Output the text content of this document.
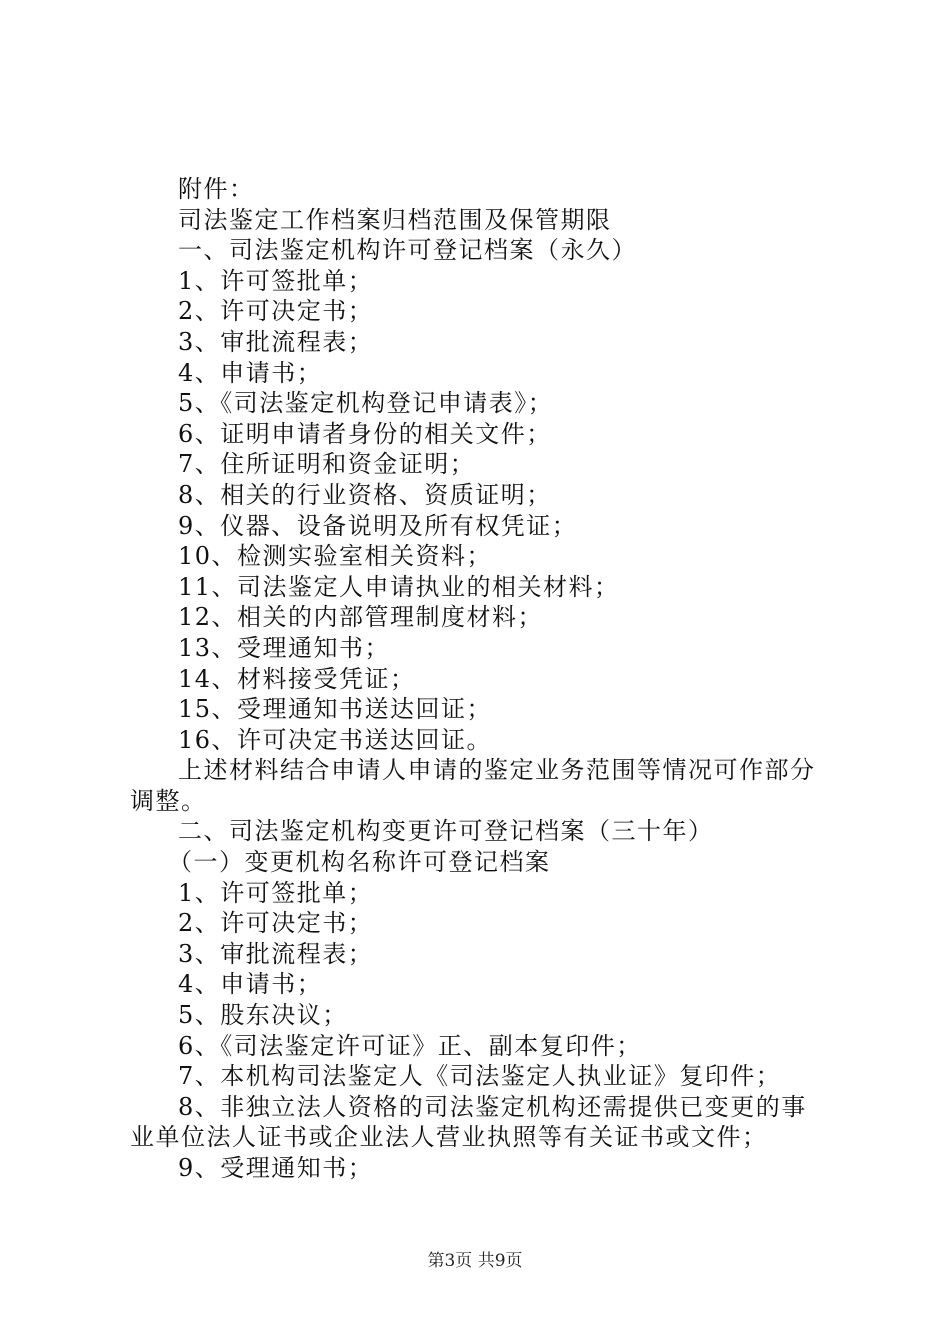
附件：
司法鉴定工作档案归档范围及保管期限
一、司法鉴定机构许可登记档案（永久）
1、许可签批单；
2、许可决定书；
3、审批流程表；
4、申请书；
5、《司法鉴定机构登记申请表》；
6、证明申请者身份的相关文件；
7、住所证明和资金证明；
8、相关的行业资格、资质证明；
9、仪器、设备说明及所有权凭证；
10、检测实验室相关资料；
11、司法鉴定人申请执业的相关材料；
12、相关的内部管理制度材料；
13、受理通知书；
14、材料接受凭证；
15、受理通知书送达回证；
16、许可决定书送达回证。
上述材料结合申请人申请的鉴定业务范围等情况可作部分调整。
二、司法鉴定机构变更许可登记档案（三十年）
（一）变更机构名称许可登记档案
1、许可签批单；
2、许可决定书；
3、审批流程表；
4、申请书；
5、股东决议；
6、《司法鉴定许可证》正、副本复印件；
7、本机构司法鉴定人《司法鉴定人执业证》复印件；
8、非独立法人资格的司法鉴定机构还需提供已变更的事业单位法人证书或企业法人营业执照等有关证书或文件；
9、受理通知书；
第3页 共9页
